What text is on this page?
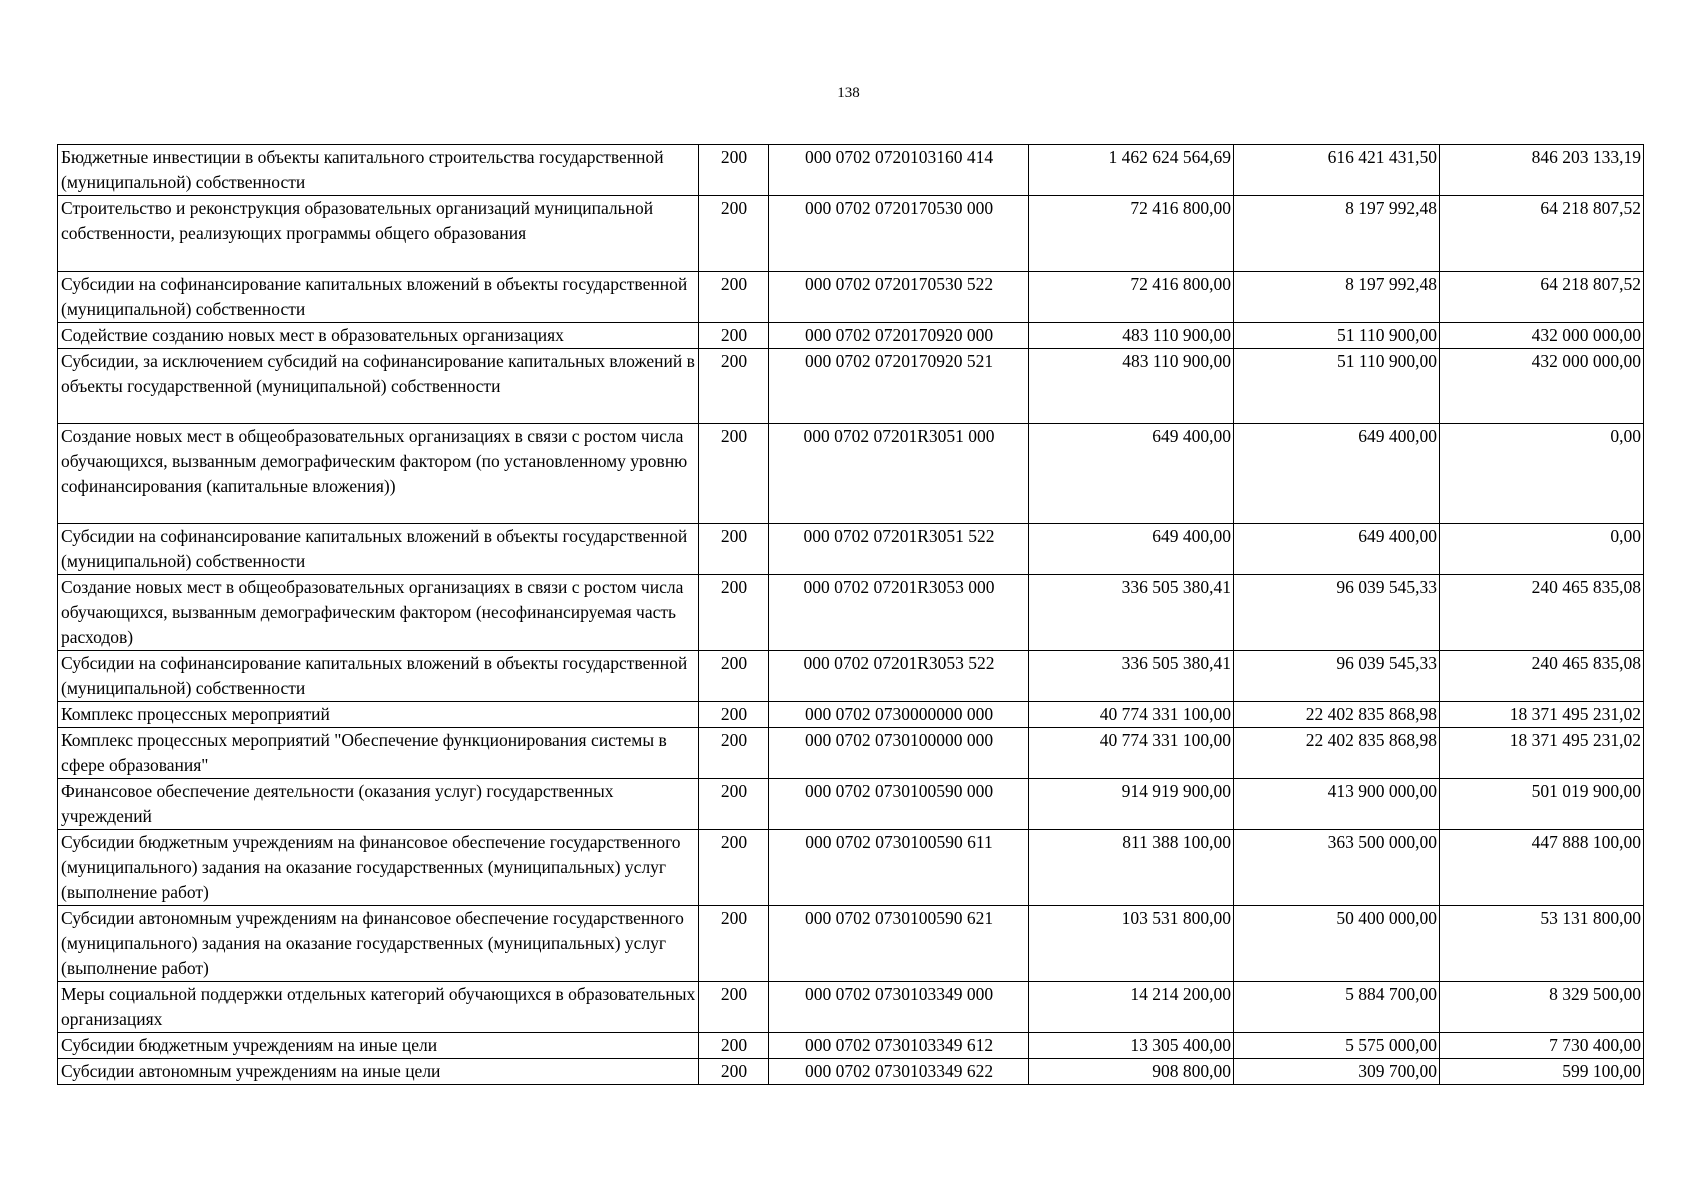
138
Бюджетные инвестиции в объекты капитального строительства государственной (муниципальной) собственности	200	000 0702 0720103160 414	1 462 624 564,69	616 421 431,50	846 203 133,19
Строительство и реконструкция образовательных организаций муниципальной собственности, реализующих программы общего образования	200	000 0702 0720170530 000	72 416 800,00	8 197 992,48	64 218 807,52
Субсидии на софинансирование капитальных вложений в объекты государственной (муниципальной) собственности	200	000 0702 0720170530 522	72 416 800,00	8 197 992,48	64 218 807,52
Содействие созданию новых мест в образовательных организациях	200	000 0702 0720170920 000	483 110 900,00	51 110 900,00	432 000 000,00
Субсидии, за исключением субсидий на софинансирование капитальных вложений в объекты государственной (муниципальной) собственности	200	000 0702 0720170920 521	483 110 900,00	51 110 900,00	432 000 000,00
Создание новых мест в общеобразовательных организациях в связи с ростом числа обучающихся, вызванным демографическим фактором (по установленному уровню софинансирования (капитальные вложения))	200	000 0702 07201R3051 000	649 400,00	649 400,00	0,00
Субсидии на софинансирование капитальных вложений в объекты государственной (муниципальной) собственности	200	000 0702 07201R3051 522	649 400,00	649 400,00	0,00
Создание новых мест в общеобразовательных организациях в связи с ростом числа обучающихся, вызванным демографическим фактором (несофинансируемая часть расходов)	200	000 0702 07201R3053 000	336 505 380,41	96 039 545,33	240 465 835,08
Субсидии на софинансирование капитальных вложений в объекты государственной (муниципальной) собственности	200	000 0702 07201R3053 522	336 505 380,41	96 039 545,33	240 465 835,08
Комплекс процессных мероприятий	200	000 0702 0730000000 000	40 774 331 100,00	22 402 835 868,98	18 371 495 231,02
Комплекс процессных мероприятий "Обеспечение функционирования системы в сфере образования"	200	000 0702 0730100000 000	40 774 331 100,00	22 402 835 868,98	18 371 495 231,02
Финансовое обеспечение деятельности (оказания услуг) государственных учреждений	200	000 0702 0730100590 000	914 919 900,00	413 900 000,00	501 019 900,00
Субсидии бюджетным учреждениям на финансовое обеспечение государственного (муниципального) задания на оказание государственных (муниципальных) услуг (выполнение работ)	200	000 0702 0730100590 611	811 388 100,00	363 500 000,00	447 888 100,00
Субсидии автономным учреждениям на финансовое обеспечение государственного (муниципального) задания на оказание государственных (муниципальных) услуг (выполнение работ)	200	000 0702 0730100590 621	103 531 800,00	50 400 000,00	53 131 800,00
Меры социальной поддержки отдельных категорий обучающихся в образовательных организациях	200	000 0702 0730103349 000	14 214 200,00	5 884 700,00	8 329 500,00
Субсидии бюджетным учреждениям на иные цели	200	000 0702 0730103349 612	13 305 400,00	5 575 000,00	7 730 400,00
Субсидии автономным учреждениям на иные цели	200	000 0702 0730103349 622	908 800,00	309 700,00	599 100,00
